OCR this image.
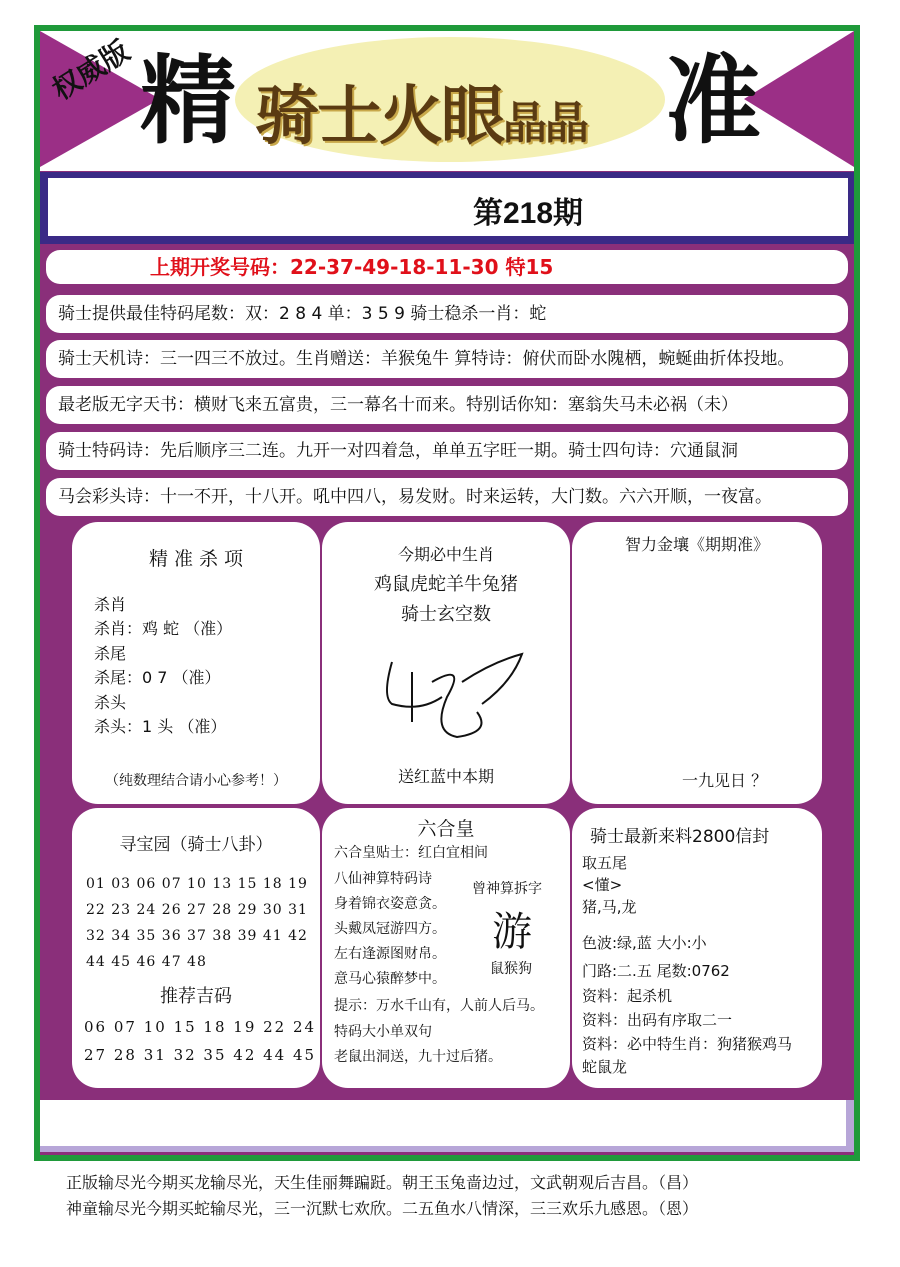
权威版 精 骑士火眼晶晶 准
第218期
上期开奖号码：22-37-49-18-11-30 特15
骑士提供最佳特码尾数：双：2 8 4 单：3 5 9 骑士稳杀一肖：蛇
骑士天机诗：三一四三不放过。生肖赠送：羊猴兔牛 算特诗：俯伏而卧水隗栖，蜿蜒曲折体投地。
最老版无字天书：横财飞来五富贵，三一幕名十而来。特别话你知：塞翁失马未必祸（未）
骑士特码诗：先后顺序三二连。九开一对四着急，单单五字旺一期。骑士四句诗：穴通鼠洞
马会彩头诗：十一不开，十八开。吼中四八，易发财。时来运转，大门数。六六开顺，一夜富。
精 准 杀 项
杀肖
杀肖：鸡 蛇 （准）
杀尾
杀尾：0 7 （准）
杀头
杀头：1 头 （准）
（纯数理结合请小心参考！）
今期必中生肖
鸡鼠虎蛇羊牛兔猪
骑士玄空数
送红蓝中本期
智力金壤《期期准》
一九见日 ？
寻宝园（骑士八卦）
01 03 06 07 10 13 15 18 19
22 23 24 26 27 28 29 30 31
32 34 35 36 37 38 39 41 42
44 45 46 47 48
推荐吉码
06 07 10 15 18 19 22 24
27 28 31 32 35 42 44 45
六合皇
六合皇贴士：红白宜相间
八仙神算特码诗
身着锦衣姿意贪。
头戴凤冠游四方。
左右逢源图财帛。
意马心猿醉梦中。
提示：万水千山有，人前人后马。
特码大小单双句
老鼠出洞送，九十过后猪。
曾神算拆字
游
鼠猴狗
骑士最新来料2800信封
取五尾
<懂>
猪,马,龙
色波:绿,蓝 大小:小
门路:二.五 尾数:0762
资料：起杀机
资料：出码有序取二一
资料：必中特生肖：狗猪猴鸡马
蛇鼠龙
正版输尽光今期买龙输尽光，天生佳丽舞蹁跹。朝王玉兔啬边过，文武朝观后吉昌。（昌）
神童输尽光今期买蛇输尽光，三一沉默七欢欣。二五鱼水八情深，三三欢乐九感恩。（恩）
